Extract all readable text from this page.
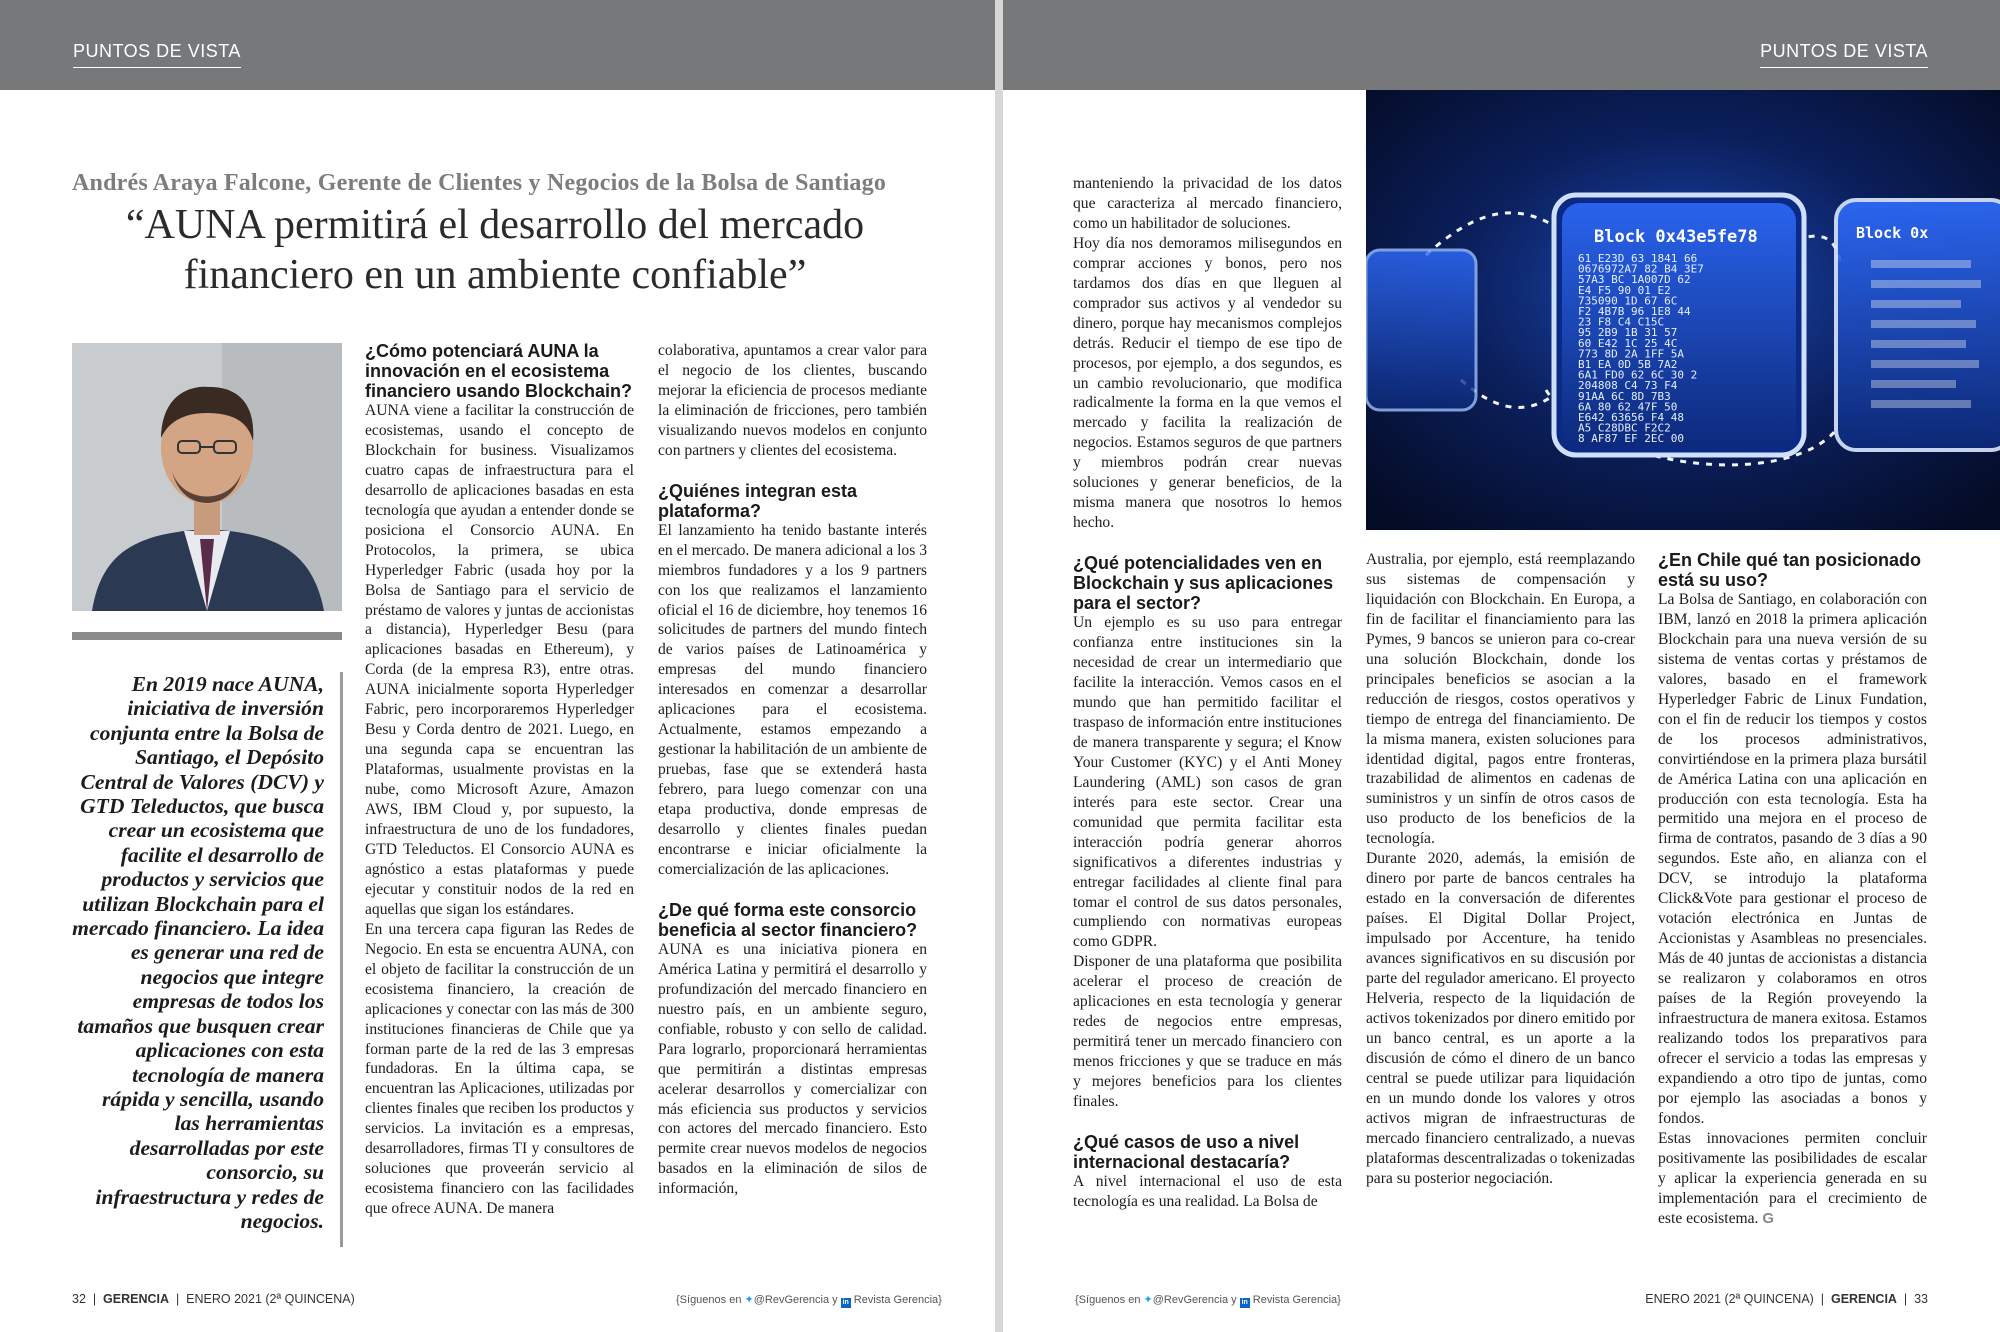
PUNTOS DE VISTA
Andrés Araya Falcone, Gerente de Clientes y Negocios de la Bolsa de Santiago
“AUNA permitirá el desarrollo del mercado financiero en un ambiente confiable”
En 2019 nace AUNA, iniciativa de inversión conjunta entre la Bolsa de Santiago, el Depósito Central de Valores (DCV) y GTD Teleductos, que busca crear un ecosistema que facilite el desarrollo de productos y servicios que utilizan Blockchain para el mercado financiero. La idea es generar una red de negocios que integre empresas de todos los tamaños que busquen crear aplicaciones con esta tecnología de manera rápida y sencilla, usando las herramientas desarrolladas por este consorcio, su infraestructura y redes de negocios.

¿Cómo potenciará AUNA la innovación en el ecosistema financiero usando Blockchain?

AUNA viene a facilitar la construcción de ecosistemas, usando el concepto de Blockchain for business. Visualizamos cuatro capas de infraestructura para el desarrollo de aplicaciones basadas en esta tecnología que ayudan a entender donde se posiciona el Consorcio AUNA. En Protocolos, la primera, se ubica Hyperledger Fabric (usada hoy por la Bolsa de Santiago para el servicio de préstamo de valores y juntas de accionistas a distancia), Hyperledger Besu (para aplicaciones basadas en Ethereum), y Corda (de la empresa R3), entre otras. AUNA inicialmente soporta Hyperledger Fabric, pero incorporaremos Hyperledger Besu y Corda dentro de 2021. Luego, en una segunda capa se encuentran las Plataformas, usualmente provistas en la nube, como Microsoft Azure, Amazon AWS, IBM Cloud y, por supuesto, la infraestructura de uno de los fundadores, GTD Teleductos. El Consorcio AUNA es agnóstico a estas plataformas y puede ejecutar y constituir nodos de la red en aquellas que sigan los estándares.

En una tercera capa figuran las Redes de Negocio. En esta se encuentra AUNA, con el objeto de facilitar la construcción de un ecosistema financiero, la creación de aplicaciones y conectar con las más de 300 instituciones financieras de Chile que ya forman parte de la red de las 3 empresas fundadoras. En la última capa, se encuentran las Aplicaciones, utilizadas por clientes finales que reciben los productos y servicios. La invitación es a empresas, desarrolladores, firmas TI y consultores de soluciones que proveerán servicio al ecosistema financiero con las facilidades que ofrece AUNA. De manera

colaborativa, apuntamos a crear valor para el negocio de los clientes, buscando mejorar la eficiencia de procesos mediante la eliminación de fricciones, pero también visualizando nuevos modelos en conjunto con partners y clientes del ecosistema.

¿Quiénes integran esta plataforma?

El lanzamiento ha tenido bastante interés en el mercado. De manera adicional a los 3 miembros fundadores y a los 9 partners con los que realizamos el lanzamiento oficial el 16 de diciembre, hoy tenemos 16 solicitudes de partners del mundo fintech de varios países de Latinoamérica y empresas del mundo financiero interesados en comenzar a desarrollar aplicaciones para el ecosistema. Actualmente, estamos empezando a gestionar la habilitación de un ambiente de pruebas, fase que se extenderá hasta febrero, para luego comenzar con una etapa productiva, donde empresas de desarrollo y clientes finales puedan encontrarse e iniciar oficialmente la comercialización de las aplicaciones.

¿De qué forma este consorcio beneficia al sector financiero?

AUNA es una iniciativa pionera en América Latina y permitirá el desarrollo y profundización del mercado financiero en nuestro país, en un ambiente seguro, confiable, robusto y con sello de calidad. Para lograrlo, proporcionará herramientas que permitirán a distintas empresas acelerar desarrollos y comercializar con más eficiencia sus productos y servicios con actores del mercado financiero. Esto permite crear nuevos modelos de negocios basados en la eliminación de silos de información,

32  |  GERENCIA  |  ENERO 2021 (2ª QUINCENA)	{Síguenos en ✦@RevGerencia y in Revista Gerencia}
PUNTOS DE VISTA
Block 0x43e5fe78
61 E23D 63 1841 66
0676972A7 82 B4 3E7
57A3 BC 1A007D 62
E4 F5 90 01 E2
735090 1D 67 6C
F2 4B7B 96 1E8 44
23 F8 C4 C15C
95 2B9 1B 31 57
60 E42 1C 25 4C
773 8D 2A 1FF 5A
B1 EA 0D 5B 7A2
6A1 FD0 62 6C 30 2
204808 C4 73 F4
91AA 6C 8D 7B3
6A 80 62 47F 50
E642 63656 F4 48
A5 C28DBC F2C2
8 AF87 EF 2EC 00
Block 0x

manteniendo la privacidad de los datos que caracteriza al mercado financiero, como un habilitador de soluciones.

Hoy día nos demoramos milisegundos en comprar acciones y bonos, pero nos tardamos dos días en que lleguen al comprador sus activos y al vendedor su dinero, porque hay mecanismos complejos detrás. Reducir el tiempo de ese tipo de procesos, por ejemplo, a dos segundos, es un cambio revolucionario, que modifica radicalmente la forma en la que vemos el mercado y facilita la realización de negocios. Estamos seguros de que partners y miembros podrán crear nuevas soluciones y generar beneficios, de la misma manera que nosotros lo hemos hecho.

¿Qué potencialidades ven en Blockchain y sus aplicaciones para el sector?

Un ejemplo es su uso para entregar confianza entre instituciones sin la necesidad de crear un intermediario que facilite la interacción. Vemos casos en el mundo que han permitido facilitar el traspaso de información entre instituciones de manera transparente y segura; el Know Your Customer (KYC) y el Anti Money Laundering (AML) son casos de gran interés para este sector. Crear una comunidad que permita facilitar esta interacción podría generar ahorros significativos a diferentes industrias y entregar facilidades al cliente final para tomar el control de sus datos personales, cumpliendo con normativas europeas como GDPR.

Disponer de una plataforma que posibilita acelerar el proceso de creación de aplicaciones en esta tecnología y generar redes de negocios entre empresas, permitirá tener un mercado financiero con menos fricciones y que se traduce en más y mejores beneficios para los clientes finales.

¿Qué casos de uso a nivel internacional destacaría?

A nivel internacional el uso de esta tecnología es una realidad. La Bolsa de

Australia, por ejemplo, está reemplazando sus sistemas de compensación y liquidación con Blockchain. En Europa, a fin de facilitar el financiamiento para las Pymes, 9 bancos se unieron para co-crear una solución Blockchain, donde los principales beneficios se asocian a la reducción de riesgos, costos operativos y tiempo de entrega del financiamiento. De la misma manera, existen soluciones para identidad digital, pagos entre fronteras, trazabilidad de alimentos en cadenas de suministros y un sinfín de otros casos de uso producto de los beneficios de la tecnología.

Durante 2020, además, la emisión de dinero por parte de bancos centrales ha estado en la conversación de diferentes países. El Digital Dollar Project, impulsado por Accenture, ha tenido avances significativos en su discusión por parte del regulador americano. El proyecto Helveria, respecto de la liquidación de activos tokenizados por dinero emitido por un banco central, es un aporte a la discusión de cómo el dinero de un banco central se puede utilizar para liquidación en un mundo donde los valores y otros activos migran de infraestructuras de mercado financiero centralizado, a nuevas plataformas descentralizadas o tokenizadas para su posterior negociación.

¿En Chile qué tan posicionado está su uso?

La Bolsa de Santiago, en colaboración con IBM, lanzó en 2018 la primera aplicación Blockchain para una nueva versión de su sistema de ventas cortas y préstamos de valores, basado en el framework Hyperledger Fabric de Linux Fundation, con el fin de reducir los tiempos y costos de los procesos administrativos, convirtiéndose en la primera plaza bursátil de América Latina con una aplicación en producción con esta tecnología. Esta ha permitido una mejora en el proceso de firma de contratos, pasando de 3 días a 90 segundos. Este año, en alianza con el DCV, se introdujo la plataforma Click&Vote para gestionar el proceso de votación electrónica en Juntas de Accionistas y Asambleas no presenciales. Más de 40 juntas de accionistas a distancia se realizaron y colaboramos en otros países de la Región proveyendo la infraestructura de manera exitosa. Estamos realizando todos los preparativos para ofrecer el servicio a todas las empresas y expandiendo a otro tipo de juntas, como por ejemplo las asociadas a bonos y fondos.

Estas innovaciones permiten concluir positivamente las posibilidades de escalar y aplicar la experiencia generada en su implementación para el crecimiento de este ecosistema. G

{Síguenos en ✦@RevGerencia y in Revista Gerencia}	ENERO 2021 (2ª QUINCENA)  |  GERENCIA  |  33
